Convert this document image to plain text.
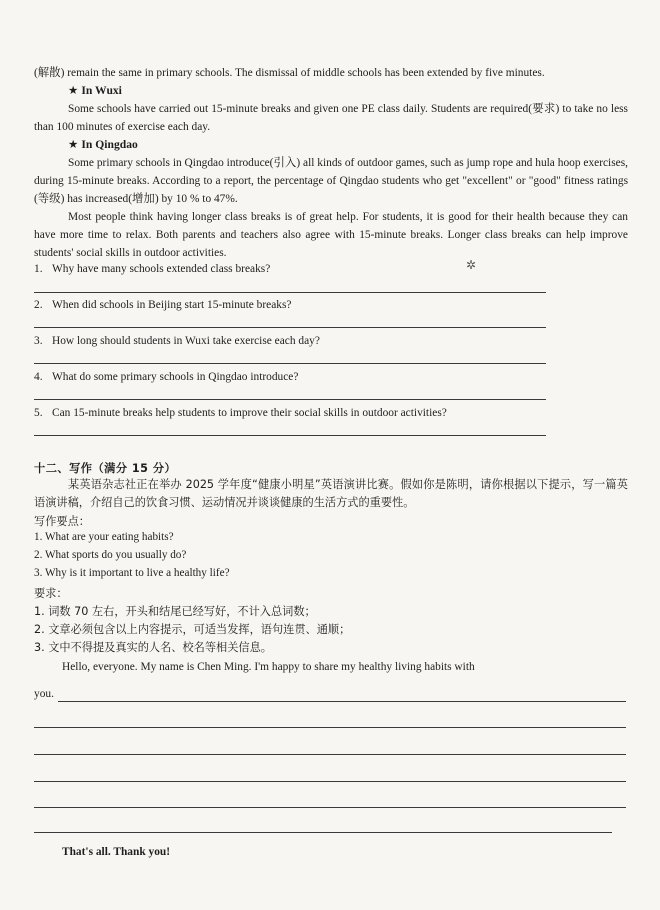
(解散) remain the same in primary schools. The dismissal of middle schools has been extended by five minutes.
★ In Wuxi
Some schools have carried out 15-minute breaks and given one PE class daily. Students are required(要求) to take no less than 100 minutes of exercise each day.
★ In Qingdao
Some primary schools in Qingdao introduce(引入) all kinds of outdoor games, such as jump rope and hula hoop exercises, during 15-minute breaks. According to a report, the percentage of Qingdao students who get "excellent" or "good" fitness ratings (等级) has increased(增加) by 10 % to 47%.
Most people think having longer class breaks is of great help. For students, it is good for their health because they can have more time to relax. Both parents and teachers also agree with 15-minute breaks. Longer class breaks can help improve students' social skills in outdoor activities.
✲
1. Why have many schools extended class breaks?
2. When did schools in Beijing start 15-minute breaks?
3. How long should students in Wuxi take exercise each day?
4. What do some primary schools in Qingdao introduce?
5. Can 15-minute breaks help students to improve their social skills in outdoor activities?
十二、写作（满分 15 分）
某英语杂志社正在举办 2025 学年度“健康小明星”英语演讲比赛。假如你是陈明，请你根据以下提示，写一篇英语演讲稿，介绍自己的饮食习惯、运动情况并谈谈健康的生活方式的重要性。
写作要点：
1. What are your eating habits?
2. What sports do you usually do?
3. Why is it important to live a healthy life?
要求：
1. 词数 70 左右，开头和结尾已经写好，不计入总词数；
2. 文章必须包含以上内容提示，可适当发挥，语句连贯、通顺；
3. 文中不得提及真实的人名、校名等相关信息。
Hello, everyone. My name is Chen Ming. I'm happy to share my healthy living habits with
you.
That's all. Thank you!
